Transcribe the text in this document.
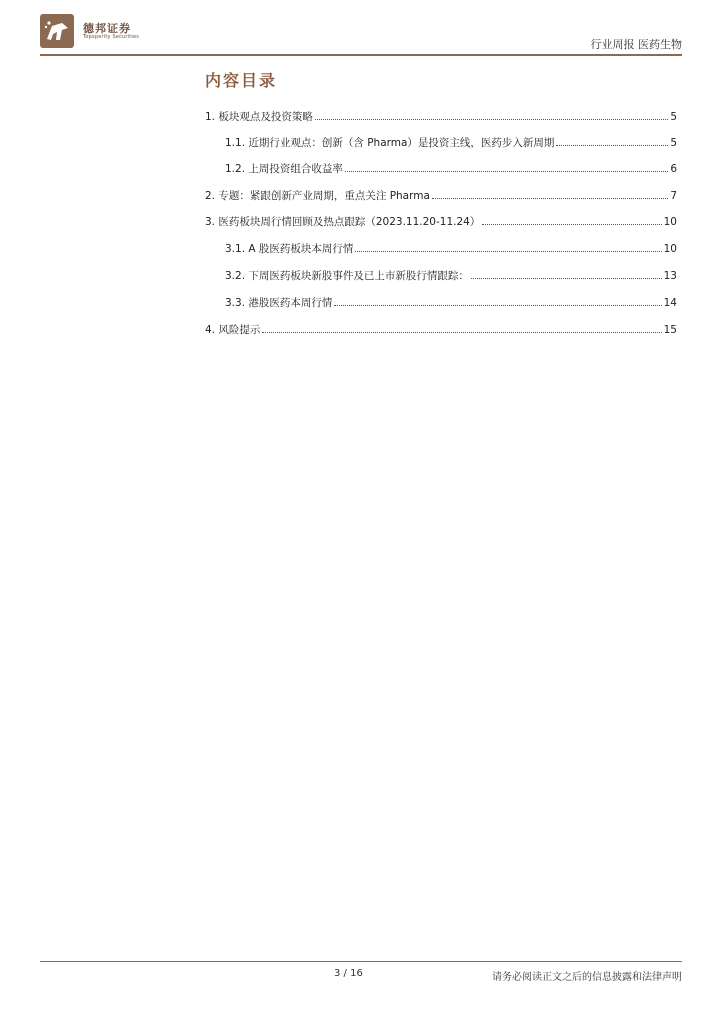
德邦证券
Topsperity Securities
行业周报 医药生物
内容目录
1. 板块观点及投资策略	5
1.1. 近期行业观点：创新（含 Pharma）是投资主线，医药步入新周期	5
1.2. 上周投资组合收益率	6
2. 专题：紧跟创新产业周期，重点关注 Pharma	7
3. 医药板块周行情回顾及热点跟踪（2023.11.20-11.24）	10
3.1. A 股医药板块本周行情	10
3.2. 下周医药板块新股事件及已上市新股行情跟踪：	13
3.3. 港股医药本周行情	14
4. 风险提示	15
3 / 16	请务必阅读正文之后的信息披露和法律声明
